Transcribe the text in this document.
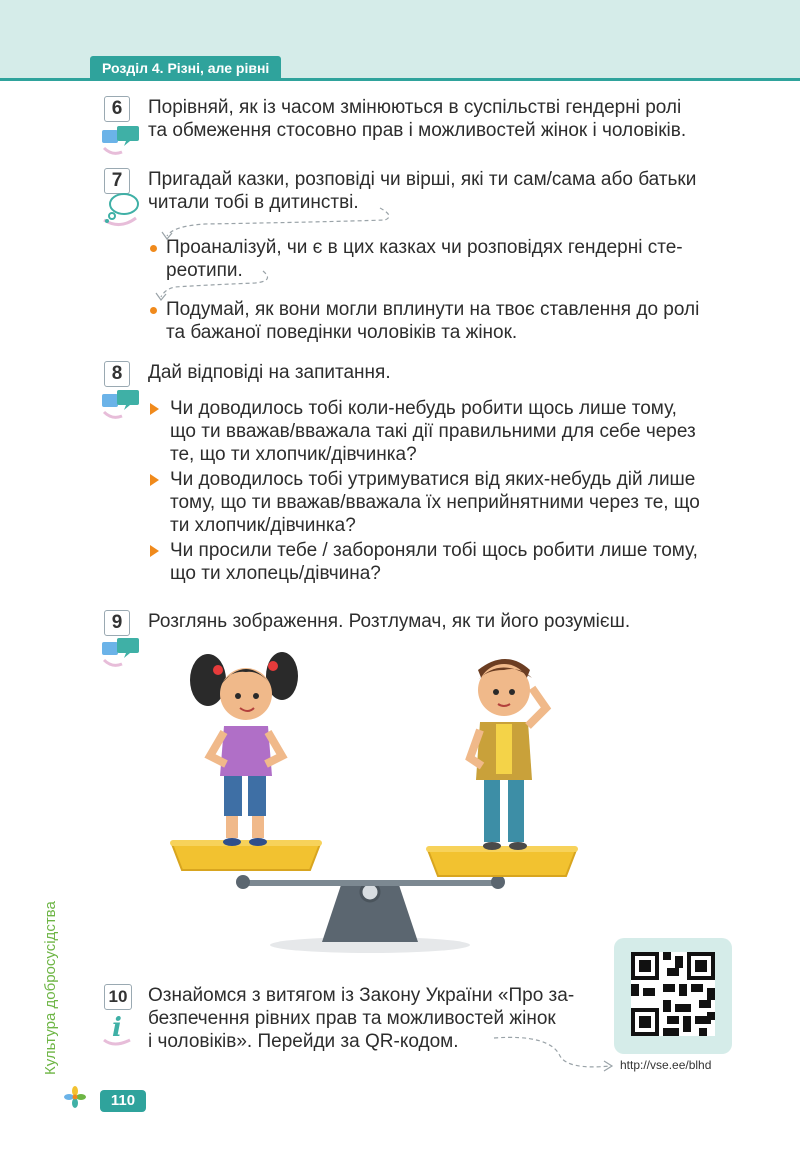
Розділ 4. Різні, але рівні
6	Порівняй, як із часом змінюються в суспільстві гендерні ролі
та обмеження стосовно прав і можливостей жінок і чоловіків.
7	Пригадай казки, розповіді чи вірші, які ти сам/сама або батьки
читали тобі в дитинстві.
Проаналізуй, чи є в цих казках чи розповідях гендерні сте-
реотипи.
Подумай, як вони могли вплинути на твоє ставлення до ролі
та бажаної поведінки чоловіків та жінок.
8	Дай відповіді на запитання.
Чи доводилось тобі коли-небудь робити щось лише тому,
що ти вважав/вважала такі дії правильними для себе через
те, що ти хлопчик/дівчинка?
Чи доводилось тобі утримуватися від яких-небудь дій лише
тому, що ти вважав/вважала їх неприйнятними через те, що
ти хлопчик/дівчинка?
Чи просили тебе / забороняли тобі щось робити лише тому,
що ти хлопець/дівчина?
9	Розглянь зображення. Розтлумач, як ти його розумієш.
10
i
Ознайомся з витягом із Закону України «Про за-
безпечення рівних прав та можливостей жінок
і чоловіків». Перейди за QR-кодом.
http://vse.ee/blhd
Культура добросусідства
110
